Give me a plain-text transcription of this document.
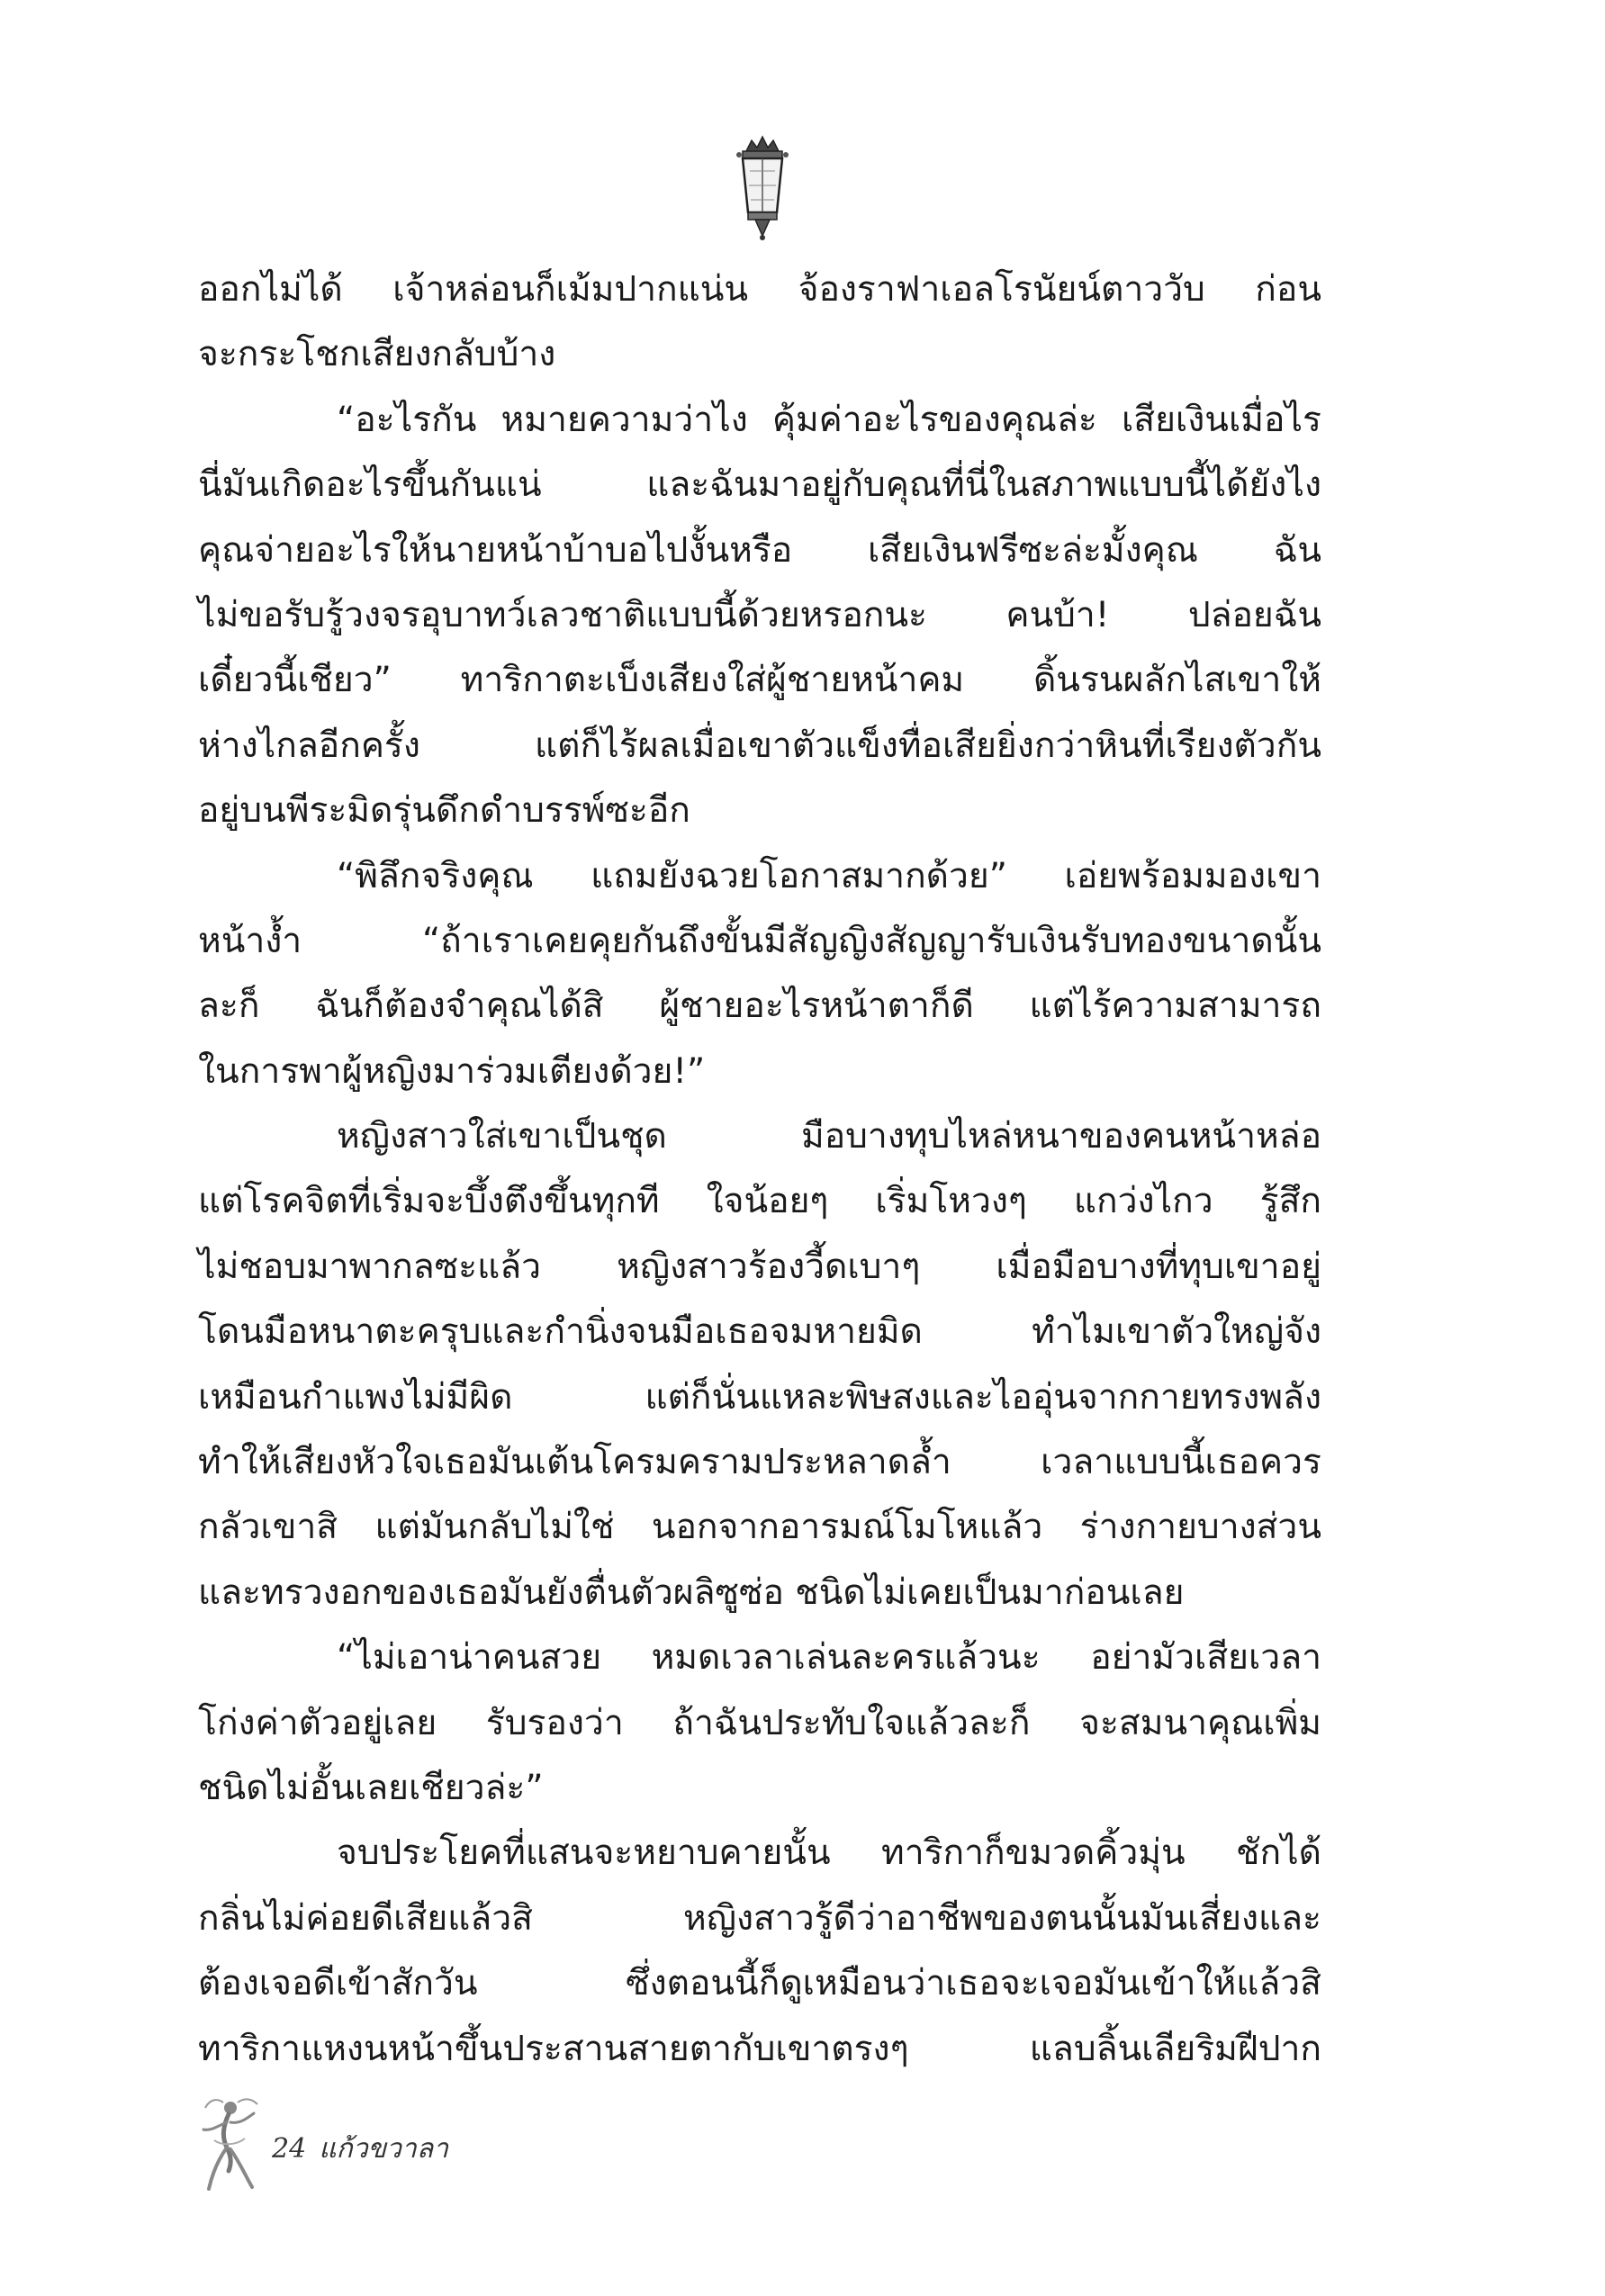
ออกไม่ได้ เจ้าหล่อนก็เม้มปากแน่น จ้องราฟาเอลโรนัยน์ตาววับ ก่อน
จะกระโชกเสียงกลับบ้าง
“อะไรกัน หมายความว่าไง คุ้มค่าอะไรของคุณล่ะ เสียเงินเมื่อไร
นี่มันเกิดอะไรขึ้นกันแน่ และฉันมาอยู่กับคุณที่นี่ในสภาพแบบนี้ได้ยังไง
คุณจ่ายอะไรให้นายหน้าบ้าบอไปงั้นหรือ เสียเงินฟรีซะล่ะมั้งคุณ ฉัน
ไม่ขอรับรู้วงจรอุบาทว์เลวชาติแบบนี้ด้วยหรอกนะ คนบ้า! ปล่อยฉัน
เดี๋ยวนี้เชียว” ทาริกาตะเบ็งเสียงใส่ผู้ชายหน้าคม ดิ้นรนผลักไสเขาให้
ห่างไกลอีกครั้ง แต่ก็ไร้ผลเมื่อเขาตัวแข็งทื่อเสียยิ่งกว่าหินที่เรียงตัวกัน
อยู่บนพีระมิดรุ่นดึกดำบรรพ์ซะอีก
“พิลึกจริงคุณ แถมยังฉวยโอกาสมากด้วย” เอ่ยพร้อมมองเขา
หน้างํ้า “ถ้าเราเคยคุยกันถึงขั้นมีสัญญิงสัญญารับเงินรับทองขนาดนั้น
ละก็ ฉันก็ต้องจำคุณได้สิ ผู้ชายอะไรหน้าตาก็ดี แต่ไร้ความสามารถ
ในการพาผู้หญิงมาร่วมเตียงด้วย!”
หญิงสาวใส่เขาเป็นชุด มือบางทุบไหล่หนาของคนหน้าหล่อ
แต่โรคจิตที่เริ่มจะบึ้งตึงขึ้นทุกที ใจน้อยๆ เริ่มโหวงๆ แกว่งไกว รู้สึก
ไม่ชอบมาพากลซะแล้ว หญิงสาวร้องวี้ดเบาๆ เมื่อมือบางที่ทุบเขาอยู่
โดนมือหนาตะครุบและกำนิ่งจนมือเธอจมหายมิด ทำไมเขาตัวใหญ่จัง
เหมือนกำแพงไม่มีผิด แต่ก็นั่นแหละพิษสงและไออุ่นจากกายทรงพลัง
ทำให้เสียงหัวใจเธอมันเต้นโครมครามประหลาดลํ้า เวลาแบบนี้เธอควร
กลัวเขาสิ แต่มันกลับไม่ใช่ นอกจากอารมณ์โมโหแล้ว ร่างกายบางส่วน
และทรวงอกของเธอมันยังตื่นตัวผลิซูซ่อ ชนิดไม่เคยเป็นมาก่อนเลย
“ไม่เอาน่าคนสวย หมดเวลาเล่นละครแล้วนะ อย่ามัวเสียเวลา
โก่งค่าตัวอยู่เลย รับรองว่า ถ้าฉันประทับใจแล้วละก็ จะสมนาคุณเพิ่ม
ชนิดไม่อั้นเลยเชียวล่ะ”
จบประโยคที่แสนจะหยาบคายนั้น ทาริกาก็ขมวดคิ้วมุ่น ชักได้
กลิ่นไม่ค่อยดีเสียแล้วสิ หญิงสาวรู้ดีว่าอาชีพของตนนั้นมันเสี่ยงและ
ต้องเจอดีเข้าสักวัน ซึ่งตอนนี้ก็ดูเหมือนว่าเธอจะเจอมันเข้าให้แล้วสิ
ทาริกาแหงนหน้าขึ้นประสานสายตากับเขาตรงๆ แลบลิ้นเลียริมฝีปาก
24 แก้วขวาลา
